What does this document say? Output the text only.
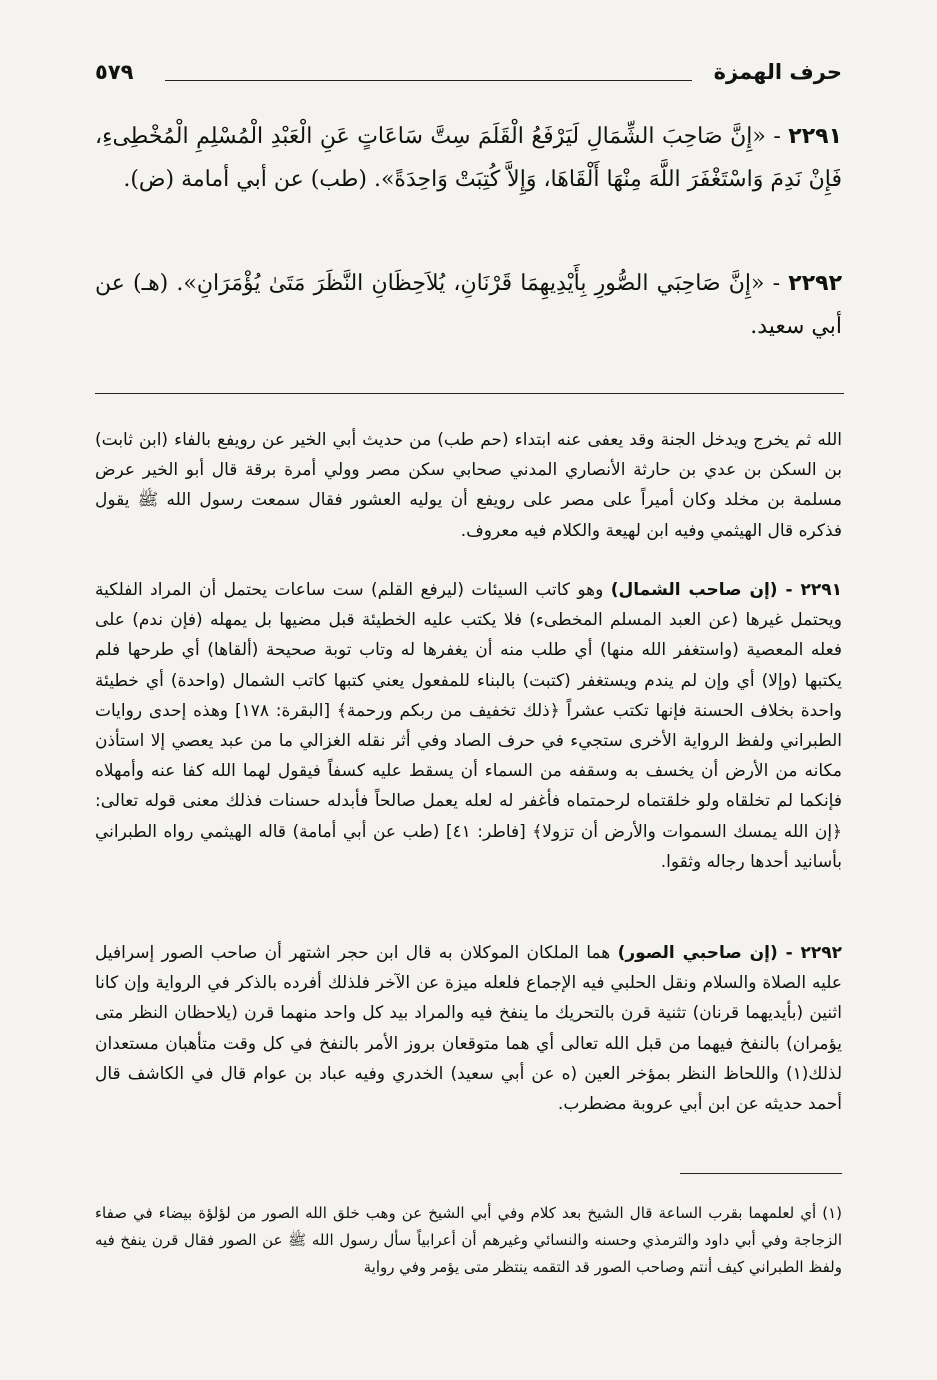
حرف الهمزة
٥٧٩
٢٢٩١ - «إِنَّ صَاحِبَ الشِّمَالِ لَيَرْفَعُ الْقَلَمَ سِتَّ سَاعَاتٍ عَنِ الْعَبْدِ الْمُسْلِمِ الْمُخْطِىءِ، فَإِنْ نَدِمَ وَاسْتَغْفَرَ اللَّهَ مِنْهَا أَلْقَاهَا، وَإِلاَّ كُتِبَتْ وَاحِدَةً». (طب) عن أبي أمامة (ض).
٢٢٩٢ - «إِنَّ صَاحِبَي الصُّورِ بِأَيْدِيهِمَا قَرْنَانِ، يُلاَحِظَانِ النَّظَرَ مَتَىٰ يُؤْمَرَانِ». (هـ) عن أبي سعيد.
الله ثم يخرج ويدخل الجنة وقد يعفى عنه ابتداء (حم طب) من حديث أبي الخير عن رويفع بالفاء (ابن ثابت) بن السكن بن عدي بن حارثة الأنصاري المدني صحابي سكن مصر وولي أمرة برقة قال أبو الخير عرض مسلمة بن مخلد وكان أميراً على مصر على رويفع أن يوليه العشور فقال سمعت رسول الله ﷺ يقول فذكره قال الهيثمي وفيه ابن لهيعة والكلام فيه معروف.
٢٢٩١ - (إن صاحب الشمال) وهو كاتب السيئات (ليرفع القلم) ست ساعات يحتمل أن المراد الفلكية ويحتمل غيرها (عن العبد المسلم المخطىء) فلا يكتب عليه الخطيئة قبل مضيها بل يمهله (فإن ندم) على فعله المعصية (واستغفر الله منها) أي طلب منه أن يغفرها له وتاب توبة صحيحة (ألقاها) أي طرحها فلم يكتبها (وإلا) أي وإن لم يندم ويستغفر (كتبت) بالبناء للمفعول يعني كتبها كاتب الشمال (واحدة) أي خطيئة واحدة بخلاف الحسنة فإنها تكتب عشراً ﴿ذلك تخفيف من ربكم ورحمة﴾ [البقرة: ١٧٨] وهذه إحدى روايات الطبراني ولفظ الرواية الأخرى ستجيء في حرف الصاد وفي أثر نقله الغزالي ما من عبد يعصي إلا استأذن مكانه من الأرض أن يخسف به وسقفه من السماء أن يسقط عليه كسفاً فيقول لهما الله كفا عنه وأمهلاه فإنكما لم تخلقاه ولو خلقتماه لرحمتماه فأغفر له لعله يعمل صالحاً فأبدله حسنات فذلك معنى قوله تعالى: ﴿إن الله يمسك السموات والأرض أن تزولا﴾ [فاطر: ٤١] (طب عن أبي أمامة) قاله الهيثمي رواه الطبراني بأسانيد أحدها رجاله وثقوا.
٢٢٩٢ - (إن صاحبي الصور) هما الملكان الموكلان به قال ابن حجر اشتهر أن صاحب الصور إسرافيل عليه الصلاة والسلام ونقل الحلبي فيه الإجماع فلعله ميزة عن الآخر فلذلك أفرده بالذكر في الرواية وإن كانا اثنين (بأيديهما قرنان) تثنية قرن بالتحريك ما ينفخ فيه والمراد بيد كل واحد منهما قرن (يلاحظان النظر متى يؤمران) بالنفخ فيهما من قبل الله تعالى أي هما متوقعان بروز الأمر بالنفخ في كل وقت متأهبان مستعدان لذلك(١) واللحاظ النظر بمؤخر العين (ه عن أبي سعيد) الخدري وفيه عباد بن عوام قال في الكاشف قال أحمد حديثه عن ابن أبي عروبة مضطرب.
(١) أي لعلمهما بقرب الساعة قال الشيخ بعد كلام وفي أبي الشيخ عن وهب خلق الله الصور من لؤلؤة بيضاء في صفاء الزجاجة وفي أبي داود والترمذي وحسنه والنسائي وغيرهم أن أعرابياً سأل رسول الله ﷺ عن الصور فقال قرن ينفخ فيه ولفظ الطبراني كيف أنتم وصاحب الصور قد التقمه ينتظر متى يؤمر وفي رواية
